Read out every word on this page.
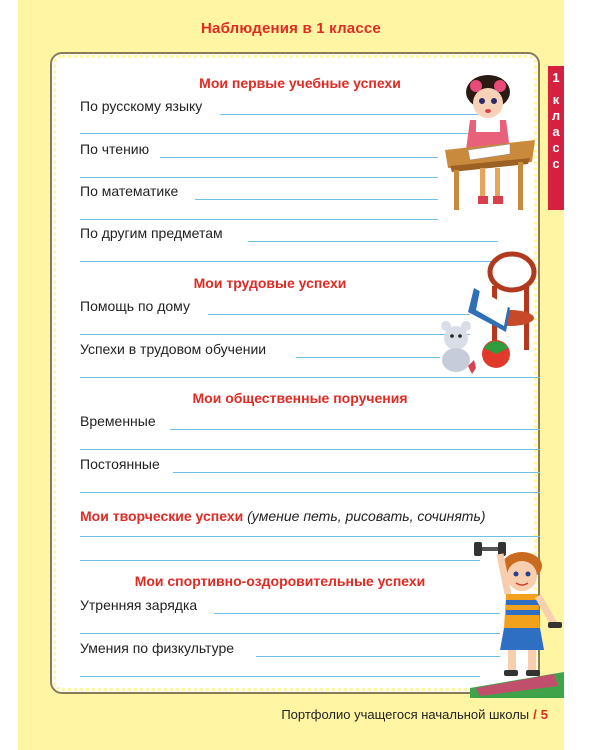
Наблюдения в 1 классе
1
к
л
а
с
с
Мои первые учебные успехи
По русскому языку
По чтению
По математике
По другим предметам
Мои трудовые успехи
Помощь по дому
Успехи в трудовом обучении
Мои общественные поручения
Временные
Постоянные
Мои творческие успехи (умение петь, рисовать, сочинять)
Мои спортивно-оздоровительные успехи
Утренняя зарядка
Умения по физкультуре
Портфолио учащегося начальной школы / 5
